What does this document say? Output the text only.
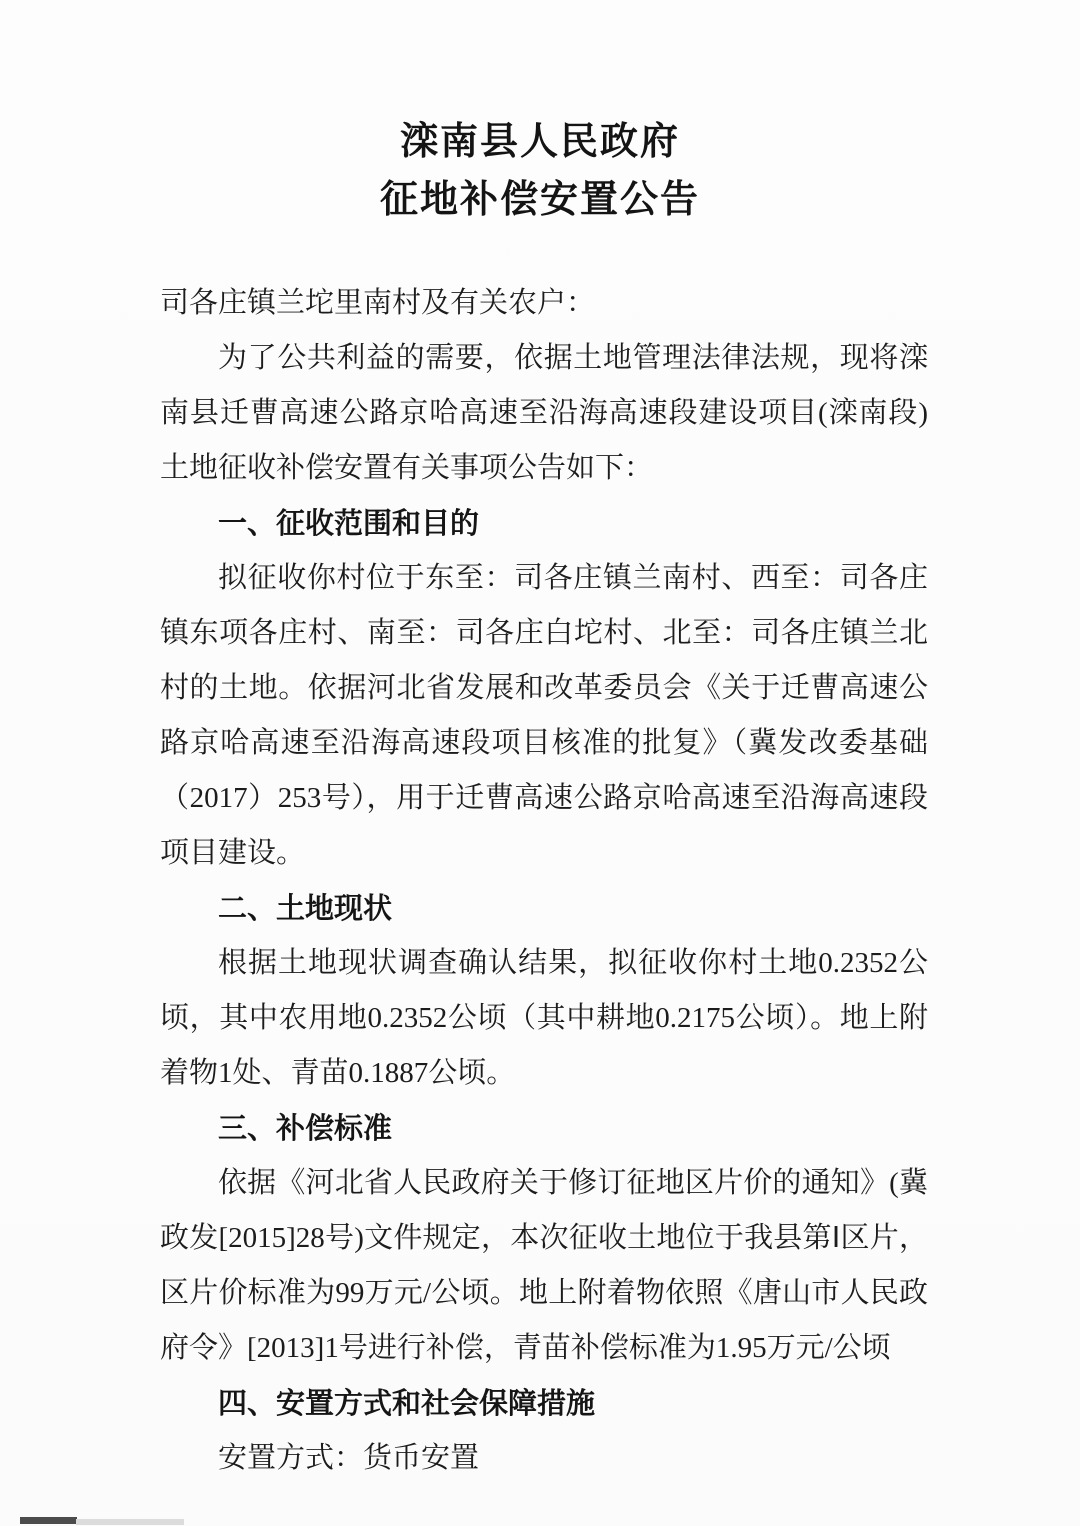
滦南县人民政府
征地补偿安置公告

司各庄镇兰坨里南村及有关农户：

为了公共利益的需要，依据土地管理法律法规，现将滦南县迁曹高速公路京哈高速至沿海高速段建设项目(滦南段)土地征收补偿安置有关事项公告如下：

一、征收范围和目的

拟征收你村位于东至：司各庄镇兰南村、西至：司各庄镇东项各庄村、南至：司各庄白坨村、北至：司各庄镇兰北村的土地。依据河北省发展和改革委员会《关于迁曹高速公路京哈高速至沿海高速段项目核准的批复》（冀发改委基础（2017）253号），用于迁曹高速公路京哈高速至沿海高速段项目建设。

二、土地现状

根据土地现状调查确认结果，拟征收你村土地0.2352公顷，其中农用地0.2352公顷（其中耕地0.2175公顷）。地上附着物1处、青苗0.1887公顷。

三、补偿标准

依据《河北省人民政府关于修订征地区片价的通知》(冀政发[2015]28号)文件规定，本次征收土地位于我县第Ⅰ区片，区片价标准为99万元/公顷。地上附着物依照《唐山市人民政府令》[2013]1号进行补偿，青苗补偿标准为1.95万元/公顷

四、安置方式和社会保障措施

安置方式：货币安置
